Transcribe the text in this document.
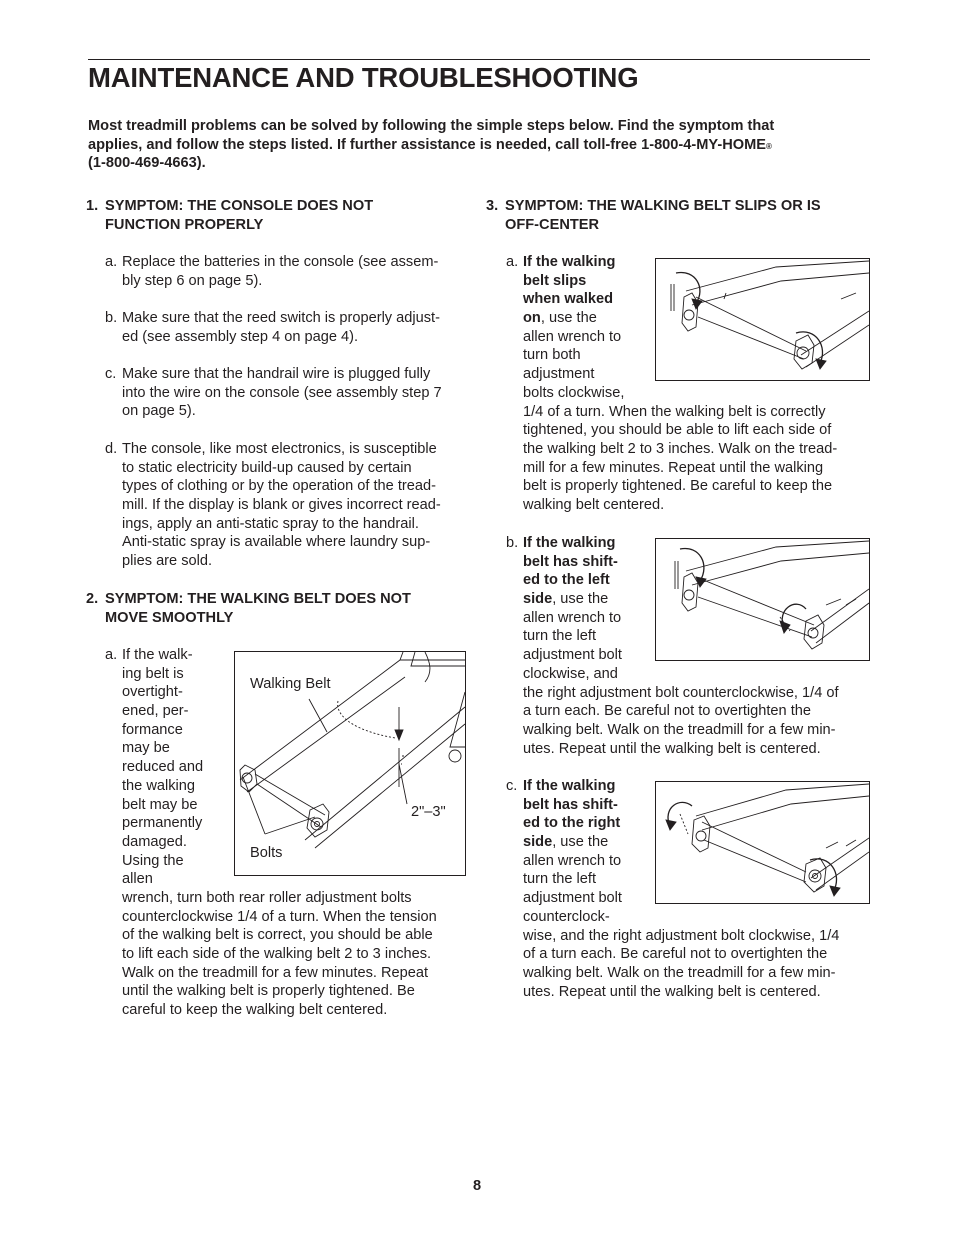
MAINTENANCE AND TROUBLESHOOTING
Most treadmill problems can be solved by following the simple steps below. Find the symptom that
applies, and follow the steps listed. If further assistance is needed, call toll-free 1-800-4-MY-HOME®
(1-800-469-4663).
1. SYMPTOM: THE CONSOLE DOES NOT
FUNCTION PROPERLY
a. Replace the batteries in the console (see assem-
bly step 6 on page 5).
b. Make sure that the reed switch is properly adjust-
ed (see assembly step 4 on page 4).
c. Make sure that the handrail wire is plugged fully
into the wire on the console (see assembly step 7
on page 5).
d. The console, like most electronics, is susceptible
to static electricity build-up caused by certain
types of clothing or by the operation of the tread-
mill. If the display is blank or gives incorrect read-
ings, apply an anti-static spray to the handrail.
Anti-static spray is available where laundry sup-
plies are sold.
2. SYMPTOM: THE WALKING BELT DOES NOT
MOVE SMOOTHLY
a. If the walk-
ing belt is
overtight-
ened, per-
formance
may be
reduced and
the walking
belt may be
permanently
damaged.
Using the
allen
wrench, turn both rear roller adjustment bolts
counterclockwise 1/4 of a turn. When the tension
of the walking belt is correct, you should be able
to lift each side of the walking belt 2 to 3 inches.
Walk on the treadmill for a few minutes. Repeat
until the walking belt is properly tightened. Be
careful to keep the walking belt centered.
Walking Belt
2"–3"
Bolts
3. SYMPTOM: THE WALKING BELT SLIPS OR IS
OFF-CENTER
a. If the walking
belt slips
when walked
on, use the
allen wrench to
turn both
adjustment
bolts clockwise,
1/4 of a turn. When the walking belt is correctly
tightened, you should be able to lift each side of
the walking belt 2 to 3 inches. Walk on the tread-
mill for a few minutes. Repeat until the walking
belt is properly tightened. Be careful to keep the
walking belt centered.
b. If the walking
belt has shift-
ed to the left
side, use the
allen wrench to
turn the left
adjustment bolt
clockwise, and
the right adjustment bolt counterclockwise, 1/4 of
a turn each. Be careful not to overtighten the
walking belt. Walk on the treadmill for a few min-
utes. Repeat until the walking belt is centered.
c. If the walking
belt has shift-
ed to the right
side, use the
allen wrench to
turn the left
adjustment bolt
counterclock-
wise, and the right adjustment bolt clockwise, 1/4
of a turn each. Be careful not to overtighten the
walking belt. Walk on the treadmill for a few min-
utes. Repeat until the walking belt is centered.
8
